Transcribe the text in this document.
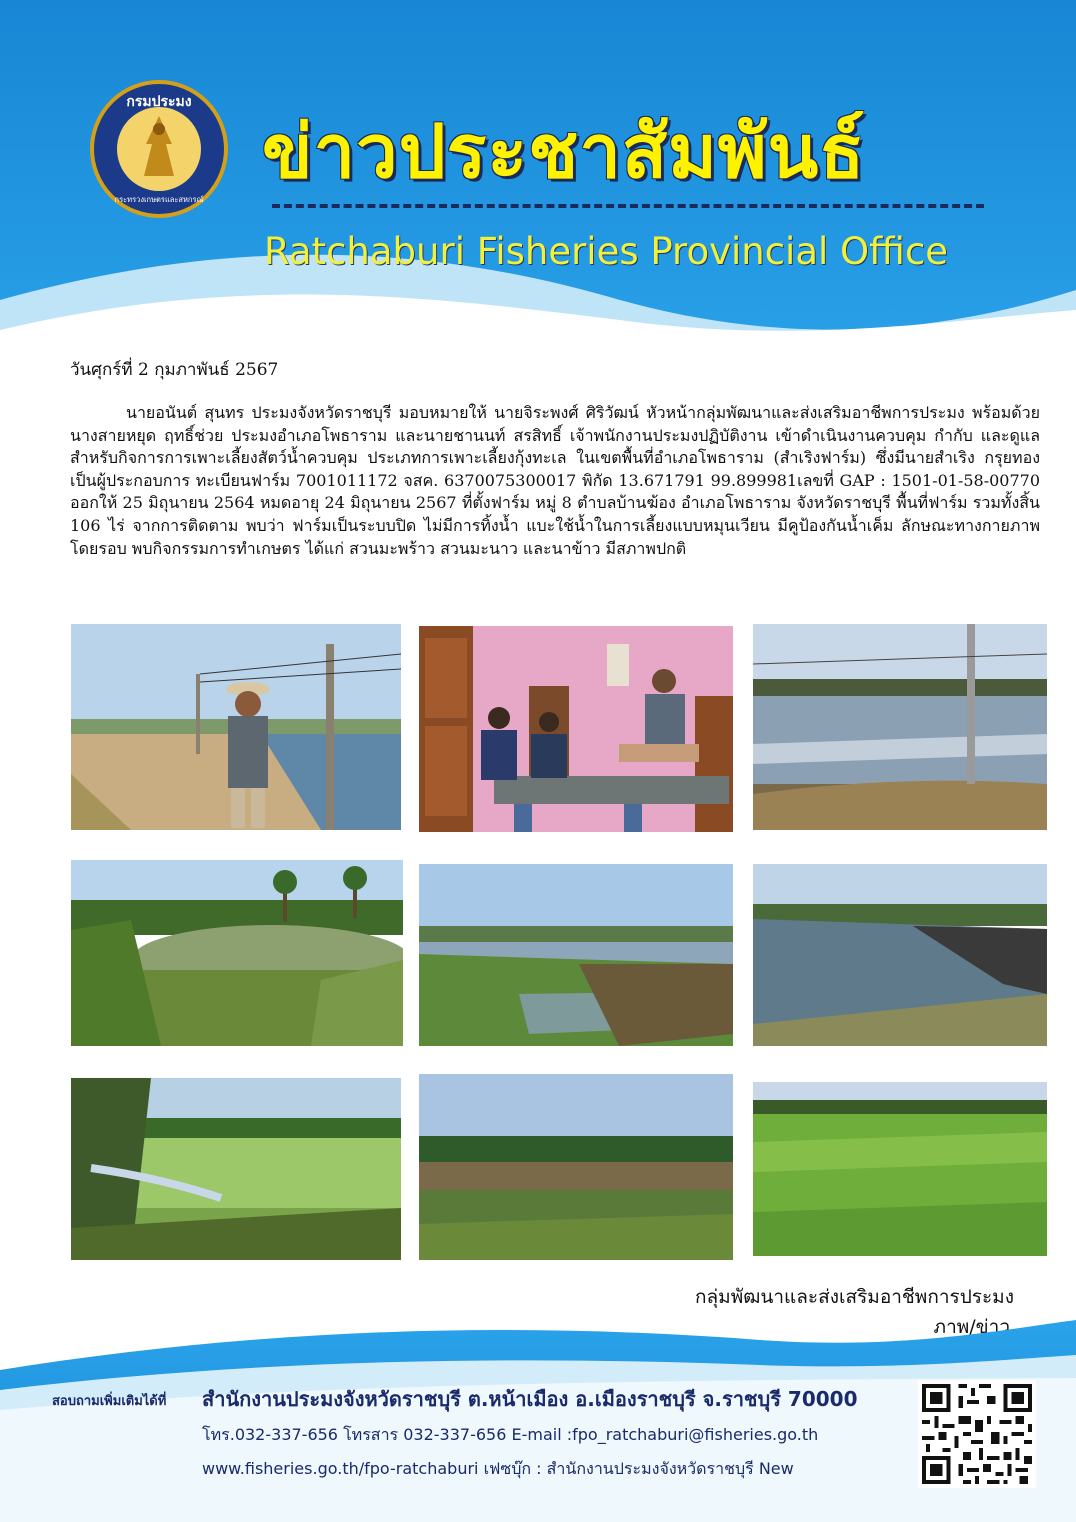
กรมประมง
กระทรวงเกษตรและสหกรณ์
ข่าวประชาสัมพันธ์
Ratchaburi Fisheries Provincial Office
วันศุกร์ที่ 2 กุมภาพันธ์ 2567
นายอนันต์ สุนทร ประมงจังหวัดราชบุรี มอบหมายให้ นายจิระพงศ์ ศิริวัฒน์ หัวหน้ากลุ่มพัฒนาและส่งเสริมอาชีพการประมง พร้อมด้วยนางสายหยุด ฤทธิ์ช่วย ประมงอำเภอโพธาราม และนายชานนท์ สรสิทธิ์ เจ้าพนักงานประมงปฏิบัติงาน เข้าดำเนินงานควบคุม กำกับ และดูแล สำหรับกิจการการเพาะเลี้ยงสัตว์น้ำควบคุม ประเภทการเพาะเลี้ยงกุ้งทะเล ในเขตพื้นที่อำเภอโพธาราม (สำเริงฟาร์ม) ซึ่งมีนายสำเริง กรุยทอง เป็นผู้ประกอบการ ทะเบียนฟาร์ม 7001011172 จสค. 6370075300017 พิกัด 13.671791 99.899981เลขที่ GAP : 1501-01-58-00770 ออกให้ 25 มิถุนายน 2564 หมดอายุ 24 มิถุนายน 2567 ที่ตั้งฟาร์ม หมู่ 8 ตำบลบ้านฆ้อง อำเภอโพธาราม จังหวัดราชบุรี พื้นที่ฟาร์ม รวมทั้งสิ้น 106 ไร่ จากการติดตาม พบว่า ฟาร์มเป็นระบบปิด ไม่มีการทิ้งน้ำ แบะใช้น้ำในการเลี้ยงแบบหมุนเวียน มีคูป้องกันน้ำเค็ม ลักษณะทางกายภาพโดยรอบ พบกิจกรรมการทำเกษตร ได้แก่ สวนมะพร้าว สวนมะนาว และนาข้าว มีสภาพปกติ
กลุ่มพัฒนาและส่งเสริมอาชีพการประมง
ภาพ/ข่าว
สอบถามเพิ่มเติมได้ที่ สำนักงานประมงจังหวัดราชบุรี ต.หน้าเมือง อ.เมืองราชบุรี จ.ราชบุรี 70000
โทร.032-337-656 โทรสาร 032-337-656 E-mail :fpo_ratchaburi@fisheries.go.th
www.fisheries.go.th/fpo-ratchaburi เฟซบุ๊ก : สำนักงานประมงจังหวัดราชบุรี New
